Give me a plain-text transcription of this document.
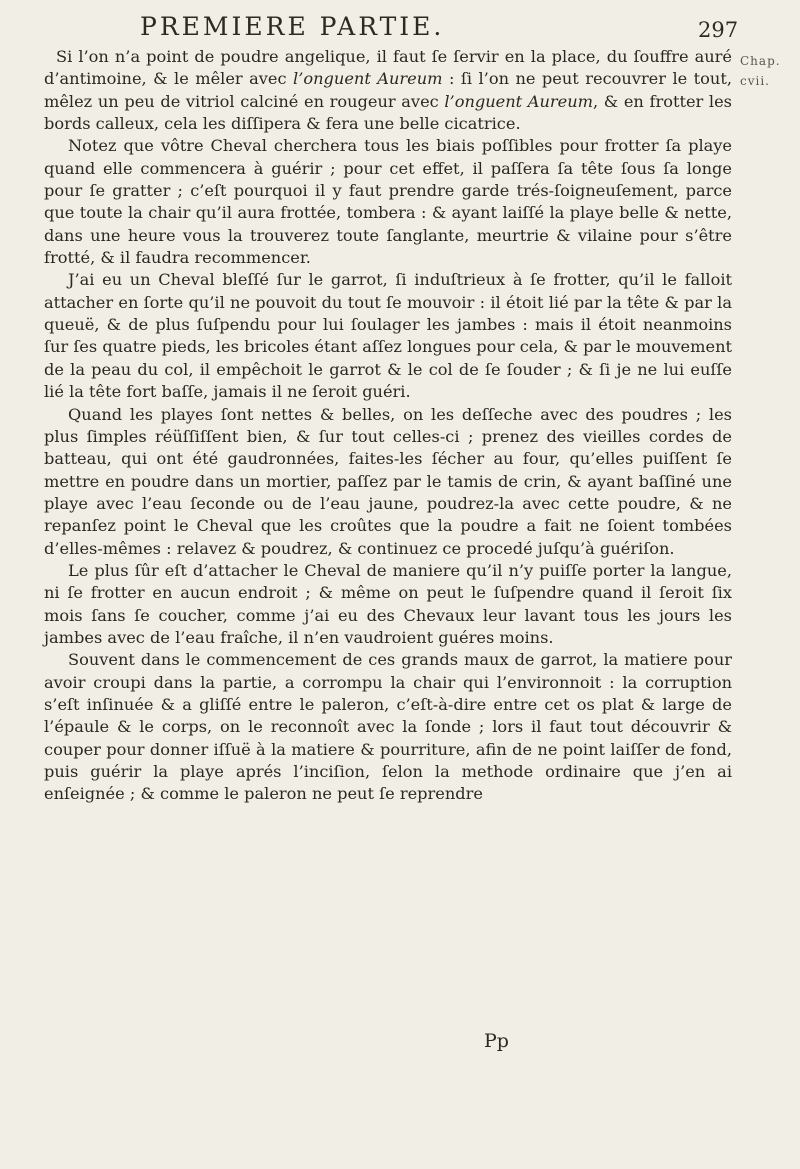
PREMIERE PARTIE.	297
Chap.
cvii.

Si l’on n’a point de poudre angelique, il faut ſe ſervir en la place, du ſouffre auré d’antimoine, & le mêler avec l’onguent Aureum : ſi l’on ne peut recouvrer le tout, mêlez un peu de vitriol calciné en rougeur avec l’onguent Aureum, & en frotter les bords calleux, cela les diſſipera & fera une belle cicatrice.

Notez que vôtre Cheval cherchera tous les biais poſſibles pour frotter ſa playe quand elle commencera à guérir ; pour cet effet, il paſſera ſa tête ſous ſa longe pour ſe gratter ; c’eſt pourquoi il y faut prendre garde trés-ſoigneuſement, parce que toute la chair qu’il aura frottée, tombera : & ayant laiſſé la playe belle & nette, dans une heure vous la trouverez toute ſanglante, meurtrie & vilaine pour s’être frotté, & il faudra recommencer.

J’ai eu un Cheval bleſſé ſur le garrot, ſi induſtrieux à ſe frotter, qu’il le falloit attacher en ſorte qu’il ne pouvoit du tout ſe mouvoir : il étoit lié par la tête & par la queuë, & de plus ſuſpendu pour lui ſoulager les jambes : mais il étoit neanmoins ſur ſes quatre pieds, les bricoles étant aſſez longues pour cela, & par le mouvement de la peau du col, il empêchoit le garrot & le col de ſe ſouder ; & ſi je ne lui euſſe lié la tête fort baſſe, jamais il ne ſeroit guéri.

Quand les playes ſont nettes & belles, on les deſſeche avec des poudres ; les plus ſimples réüſſiſſent bien, & ſur tout celles-ci ; prenez des vieilles cordes de batteau, qui ont été gaudronnées, faites-les ſécher au four, qu’elles puiſſent ſe mettre en poudre dans un mortier, paſſez par le tamis de crin, & ayant baſſiné une playe avec l’eau ſeconde ou de l’eau jaune, poudrez-la avec cette poudre, & ne repanſez point le Cheval que les croûtes que la poudre a fait ne ſoient tombées d’elles-mêmes : relavez & poudrez, & continuez ce procedé juſqu’à guériſon.

Le plus ſûr eſt d’attacher le Cheval de maniere qu’il n’y puiſſe porter la langue, ni ſe frotter en aucun endroit ; & même on peut le ſuſpendre quand il ſeroit ſix mois ſans ſe coucher, comme j’ai eu des Chevaux leur lavant tous les jours les jambes avec de l’eau fraîche, il n’en vaudroient guéres moins.

Souvent dans le commencement de ces grands maux de garrot, la matiere pour avoir croupi dans la partie, a corrompu la chair qui l’environnoit : la corruption s’eſt inſinuée & a gliſſé entre le paleron, c’eſt-à-dire entre cet os plat & large de l’épaule & le corps, on le reconnoît avec la ſonde ; lors il faut tout découvrir & couper pour donner iſſuë à la matiere & pourriture, afin de ne point laiſſer de fond, puis guérir la playe aprés l’inciſion, ſelon la methode ordinaire que j’en ai enſeignée ; & comme le paleron ne peut ſe reprendre

Pp
